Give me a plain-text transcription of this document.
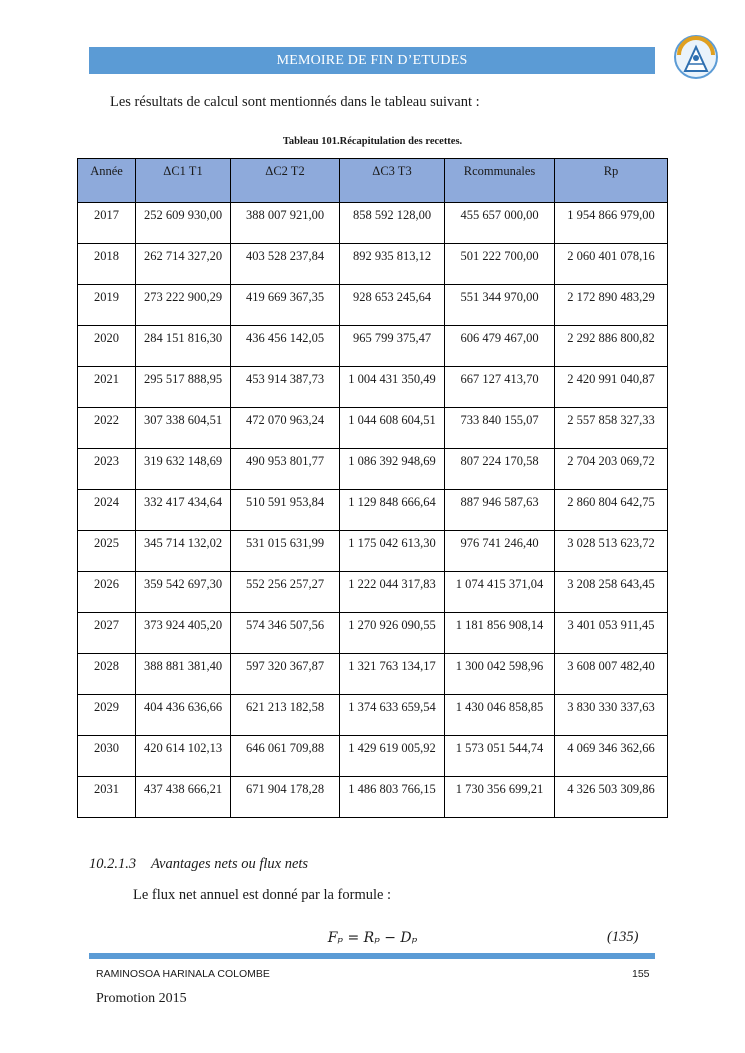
MEMOIRE DE FIN D’ETUDES
Les résultats de calcul sont mentionnés dans le tableau suivant :
Tableau 101.Récapitulation des recettes.
Année	ΔC1 T1	ΔC2 T2	ΔC3 T3	Rcommunales	Rp
2017	252 609 930,00	388 007 921,00	858 592 128,00	455 657 000,00	1 954 866 979,00
2018	262 714 327,20	403 528 237,84	892 935 813,12	501 222 700,00	2 060 401 078,16
2019	273 222 900,29	419 669 367,35	928 653 245,64	551 344 970,00	2 172 890 483,29
2020	284 151 816,30	436 456 142,05	965 799 375,47	606 479 467,00	2 292 886 800,82
2021	295 517 888,95	453 914 387,73	1 004 431 350,49	667 127 413,70	2 420 991 040,87
2022	307 338 604,51	472 070 963,24	1 044 608 604,51	733 840 155,07	2 557 858 327,33
2023	319 632 148,69	490 953 801,77	1 086 392 948,69	807 224 170,58	2 704 203 069,72
2024	332 417 434,64	510 591 953,84	1 129 848 666,64	887 946 587,63	2 860 804 642,75
2025	345 714 132,02	531 015 631,99	1 175 042 613,30	976 741 246,40	3 028 513 623,72
2026	359 542 697,30	552 256 257,27	1 222 044 317,83	1 074 415 371,04	3 208 258 643,45
2027	373 924 405,20	574 346 507,56	1 270 926 090,55	1 181 856 908,14	3 401 053 911,45
2028	388 881 381,40	597 320 367,87	1 321 763 134,17	1 300 042 598,96	3 608 007 482,40
2029	404 436 636,66	621 213 182,58	1 374 633 659,54	1 430 046 858,85	3 830 330 337,63
2030	420 614 102,13	646 061 709,88	1 429 619 005,92	1 573 051 544,74	4 069 346 362,66
2031	437 438 666,21	671 904 178,28	1 486 803 766,15	1 730 356 699,21	4 326 503 309,86
10.2.1.3 Avantages nets ou flux nets
Le flux net annuel est donné par la formule :
Fₚ = Rₚ − Dₚ	(135)
RAMINOSOA HARINALA COLOMBE	155
Promotion 2015
